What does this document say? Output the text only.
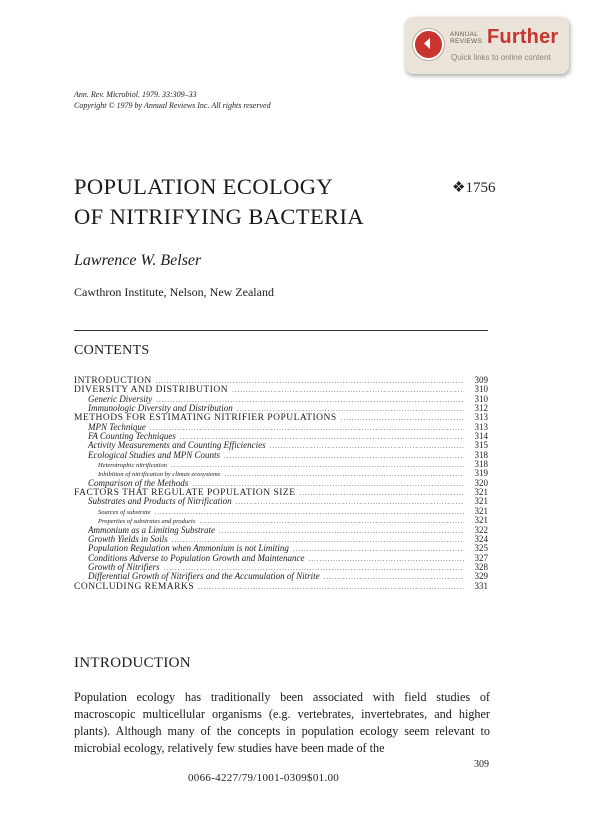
ANNUAL
REVIEWS Further
Quick links to online content
Ann. Rev. Microbiol. 1979. 33:309–33
Copyright © 1979 by Annual Reviews Inc. All rights reserved
POPULATION ECOLOGY
OF NITRIFYING BACTERIA
❖1756
Lawrence W. Belser
Cawthron Institute, Nelson, New Zealand
CONTENTS
INTRODUCTION .....	309
DIVERSITY AND DISTRIBUTION .....	310
Generic Diversity .....	310
Immunologic Diversity and Distribution .....	312
METHODS FOR ESTIMATING NITRIFIER POPULATIONS .....	313
MPN Technique .....	313
FA Counting Techniques .....	314
Activity Measurements and Counting Efficiencies .....	315
Ecological Studies and MPN Counts .....	318
Heterotrophic nitrification .....	318
Inhibition of nitrification by climax ecosystems .....	319
Comparison of the Methods .....	320
FACTORS THAT REGULATE POPULATION SIZE .....	321
Substrates and Products of Nitrification .....	321
Sources of substrate .....	321
Properties of substrates and products .....	321
Ammonium as a Limiting Substrate .....	322
Growth Yields in Soils .....	324
Population Regulation when Ammonium is not Limiting .....	325
Conditions Adverse to Population Growth and Maintenance .....	327
Growth of Nitrifiers .....	328
Differential Growth of Nitrifiers and the Accumulation of Nitrite .....	329
CONCLUDING REMARKS .....	331
INTRODUCTION
Population ecology has traditionally been associated with field studies of macroscopic multicellular organisms (e.g. vertebrates, invertebrates, and higher plants). Although many of the concepts in population ecology seem relevant to microbial ecology, relatively few studies have been made of the
309
0066-4227/79/1001-0309$01.00
